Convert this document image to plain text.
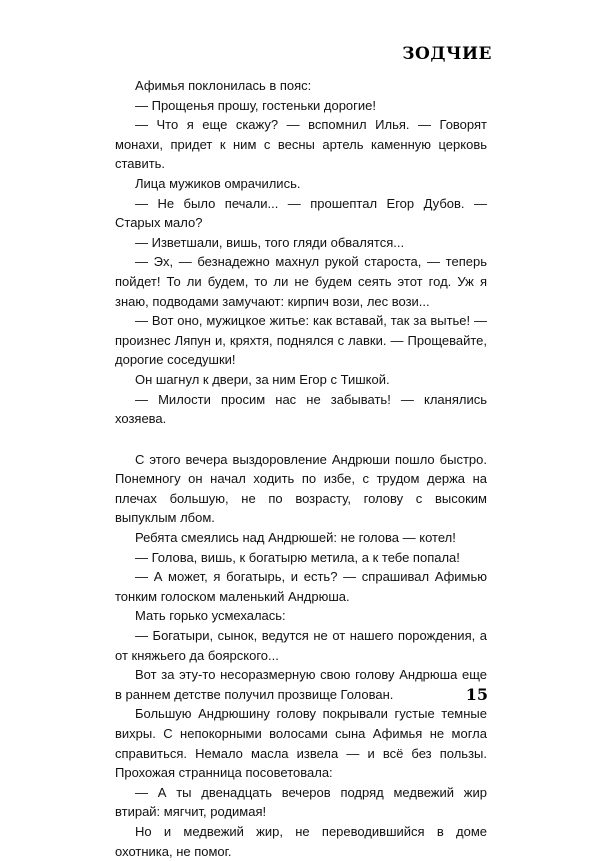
ЗОДЧИЕ

Афимья поклонилась в пояс:

— Прощенья прошу, гостеньки дорогие!

— Что я еще скажу? — вспомнил Илья. — Говорят монахи, придет к ним с весны артель каменную церковь ставить.

Лица мужиков омрачились.

— Не было печали... — прошептал Егор Дубов. — Старых мало?

— Изветшали, вишь, того гляди обвалятся...

— Эх, — безнадежно махнул рукой староста, — теперь пойдет! То ли будем, то ли не будем сеять этот год. Уж я знаю, подводами замучают: кирпич вози, лес вози...

— Вот оно, мужицкое житье: как вставай, так за вытье! — произнес Ляпун и, кряхтя, поднялся с лавки. — Прощевайте, дорогие соседушки!

Он шагнул к двери, за ним Егор с Тишкой.

— Милости просим нас не забывать! — кланялись хозяева.

С этого вечера выздоровление Андрюши пошло быстро. Понемногу он начал ходить по избе, с трудом держа на плечах большую, не по возрасту, голову с высоким выпуклым лбом.

Ребята смеялись над Андрюшей: не голова — котел!

— Голова, вишь, к богатырю метила, а к тебе попала!

— А может, я богатырь, и есть? — спрашивал Афимью тонким голоском маленький Андрюша.

Мать горько усмехалась:

— Богатыри, сынок, ведутся не от нашего порождения, а от княжьего да боярского...

Вот за эту-то несоразмерную свою голову Андрюша еще в раннем детстве получил прозвище Голован.

Большую Андрюшину голову покрывали густые темные вихры. С непокорными волосами сына Афимья не могла справиться. Немало масла извела — и всё без пользы. Прохожая странница посоветовала:

— А ты двенадцать вечеров подряд медвежий жир втирай: мягчит, родимая!

Но и медвежий жир, не переводившийся в доме охотника, не помог.

15
